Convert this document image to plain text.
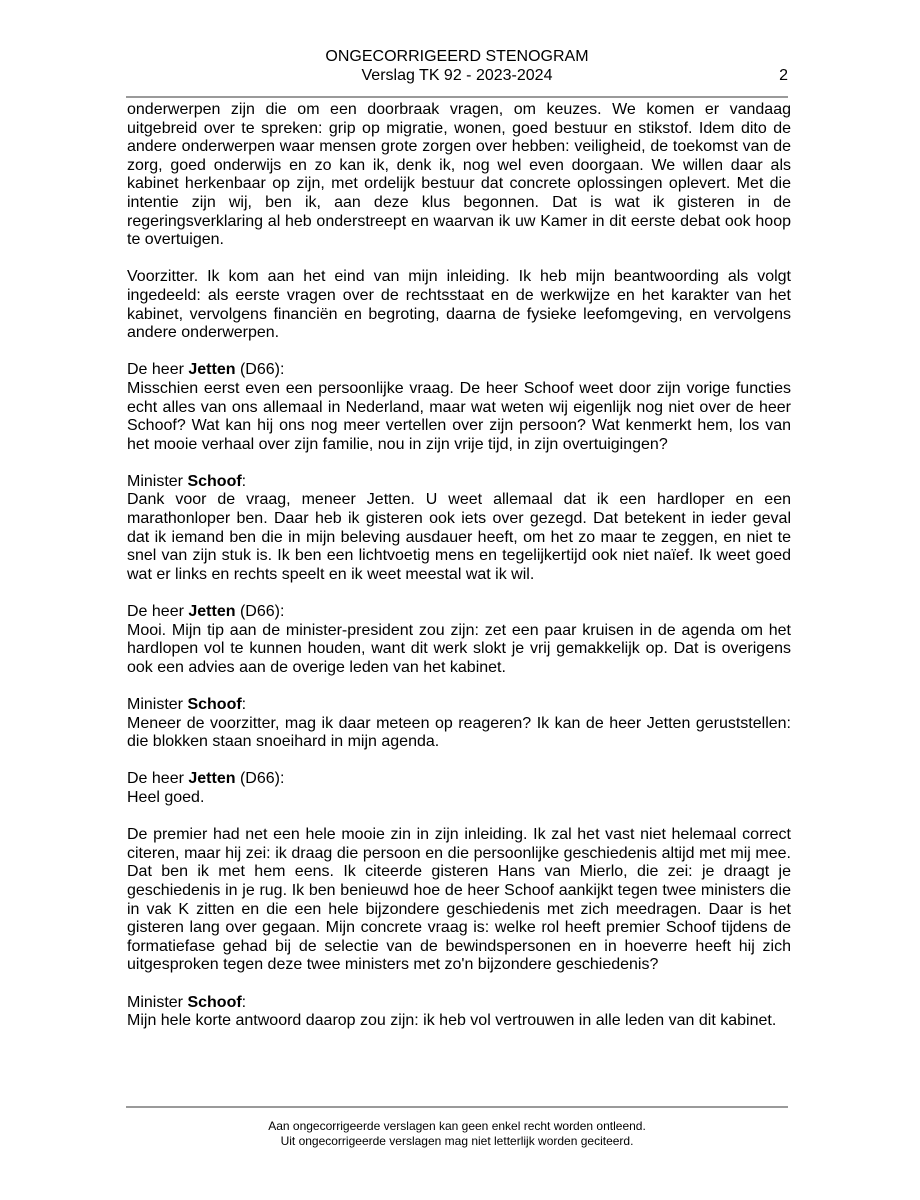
ONGECORRIGEERD STENOGRAM
Verslag TK 92 - 2023-2024	2

onderwerpen zijn die om een doorbraak vragen, om keuzes. We komen er vandaag uitgebreid over te spreken: grip op migratie, wonen, goed bestuur en stikstof. Idem dito de andere onderwerpen waar mensen grote zorgen over hebben: veiligheid, de toekomst van de zorg, goed onderwijs en zo kan ik, denk ik, nog wel even doorgaan. We willen daar als kabinet herkenbaar op zijn, met ordelijk bestuur dat concrete oplossingen oplevert. Met die intentie zijn wij, ben ik, aan deze klus begonnen. Dat is wat ik gisteren in de regeringsverklaring al heb onderstreept en waarvan ik uw Kamer in dit eerste debat ook hoop te overtuigen.

Voorzitter. Ik kom aan het eind van mijn inleiding. Ik heb mijn beantwoording als volgt ingedeeld: als eerste vragen over de rechtsstaat en de werkwijze en het karakter van het kabinet, vervolgens financiën en begroting, daarna de fysieke leefomgeving, en vervolgens andere onderwerpen.

De heer Jetten (D66):
Misschien eerst even een persoonlijke vraag. De heer Schoof weet door zijn vorige functies echt alles van ons allemaal in Nederland, maar wat weten wij eigenlijk nog niet over de heer Schoof? Wat kan hij ons nog meer vertellen over zijn persoon? Wat kenmerkt hem, los van het mooie verhaal over zijn familie, nou in zijn vrije tijd, in zijn overtuigingen?

Minister Schoof:
Dank voor de vraag, meneer Jetten. U weet allemaal dat ik een hardloper en een marathonloper ben. Daar heb ik gisteren ook iets over gezegd. Dat betekent in ieder geval dat ik iemand ben die in mijn beleving ausdauer heeft, om het zo maar te zeggen, en niet te snel van zijn stuk is. Ik ben een lichtvoetig mens en tegelijkertijd ook niet naïef. Ik weet goed wat er links en rechts speelt en ik weet meestal wat ik wil.

De heer Jetten (D66):
Mooi. Mijn tip aan de minister-president zou zijn: zet een paar kruisen in de agenda om het hardlopen vol te kunnen houden, want dit werk slokt je vrij gemakkelijk op. Dat is overigens ook een advies aan de overige leden van het kabinet.

Minister Schoof:
Meneer de voorzitter, mag ik daar meteen op reageren? Ik kan de heer Jetten geruststellen: die blokken staan snoeihard in mijn agenda.

De heer Jetten (D66):
Heel goed.

De premier had net een hele mooie zin in zijn inleiding. Ik zal het vast niet helemaal correct citeren, maar hij zei: ik draag die persoon en die persoonlijke geschiedenis altijd met mij mee. Dat ben ik met hem eens. Ik citeerde gisteren Hans van Mierlo, die zei: je draagt je geschiedenis in je rug. Ik ben benieuwd hoe de heer Schoof aankijkt tegen twee ministers die in vak K zitten en die een hele bijzondere geschiedenis met zich meedragen. Daar is het gisteren lang over gegaan. Mijn concrete vraag is: welke rol heeft premier Schoof tijdens de formatiefase gehad bij de selectie van de bewindspersonen en in hoeverre heeft hij zich uitgesproken tegen deze twee ministers met zo'n bijzondere geschiedenis?

Minister Schoof:
Mijn hele korte antwoord daarop zou zijn: ik heb vol vertrouwen in alle leden van dit kabinet.

Aan ongecorrigeerde verslagen kan geen enkel recht worden ontleend.
Uit ongecorrigeerde verslagen mag niet letterlijk worden geciteerd.
